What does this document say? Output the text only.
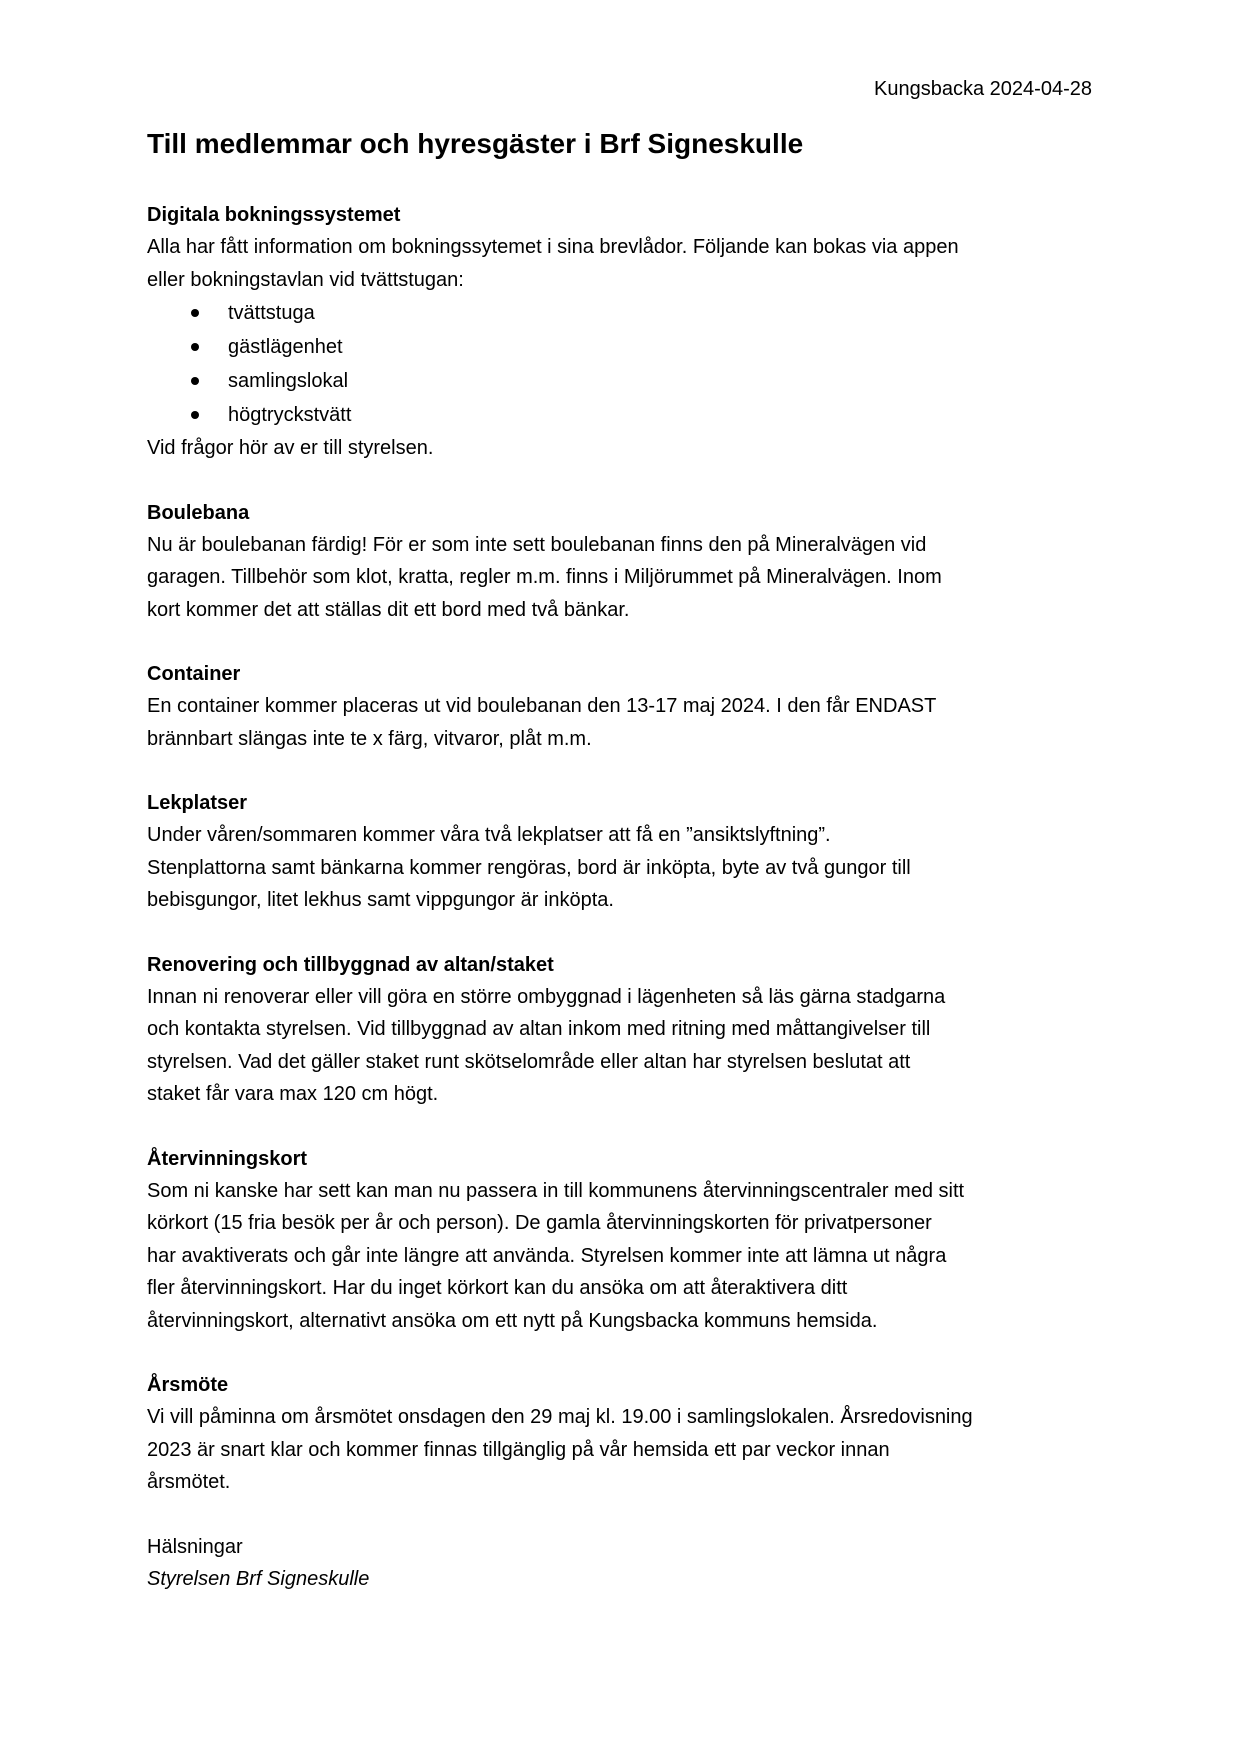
Kungsbacka 2024-04-28
Till medlemmar och hyresgäster i Brf Signeskulle
Digitala bokningssystemet
Alla har fått information om bokningssytemet i sina brevlådor. Följande kan bokas via appen
eller bokningstavlan vid tvättstugan:
tvättstuga
gästlägenhet
samlingslokal
högtryckstvätt
Vid frågor hör av er till styrelsen.
Boulebana
Nu är boulebanan färdig! För er som inte sett boulebanan finns den på Mineralvägen vid
garagen. Tillbehör som klot, kratta, regler m.m. finns i Miljörummet på Mineralvägen. Inom
kort kommer det att ställas dit ett bord med två bänkar.
Container
En container kommer placeras ut vid boulebanan den 13-17 maj 2024. I den får ENDAST
brännbart slängas inte te x färg, vitvaror, plåt m.m.
Lekplatser
Under våren/sommaren kommer våra två lekplatser att få en ”ansiktslyftning”.
Stenplattorna samt bänkarna kommer rengöras, bord är inköpta, byte av två gungor till
bebisgungor, litet lekhus samt vippgungor är inköpta.
Renovering och tillbyggnad av altan/staket
Innan ni renoverar eller vill göra en större ombyggnad i lägenheten så läs gärna stadgarna
och kontakta styrelsen. Vid tillbyggnad av altan inkom med ritning med måttangivelser till
styrelsen. Vad det gäller staket runt skötselområde eller altan har styrelsen beslutat att
staket får vara max 120 cm högt.
Återvinningskort
Som ni kanske har sett kan man nu passera in till kommunens återvinningscentraler med sitt
körkort (15 fria besök per år och person). De gamla återvinningskorten för privatpersoner
har avaktiverats och går inte längre att använda. Styrelsen kommer inte att lämna ut några
fler återvinningskort. Har du inget körkort kan du ansöka om att återaktivera ditt
återvinningskort, alternativt ansöka om ett nytt på Kungsbacka kommuns hemsida.
Årsmöte
Vi vill påminna om årsmötet onsdagen den 29 maj kl. 19.00 i samlingslokalen. Årsredovisning
2023 är snart klar och kommer finnas tillgänglig på vår hemsida ett par veckor innan
årsmötet.
Hälsningar
Styrelsen Brf Signeskulle
